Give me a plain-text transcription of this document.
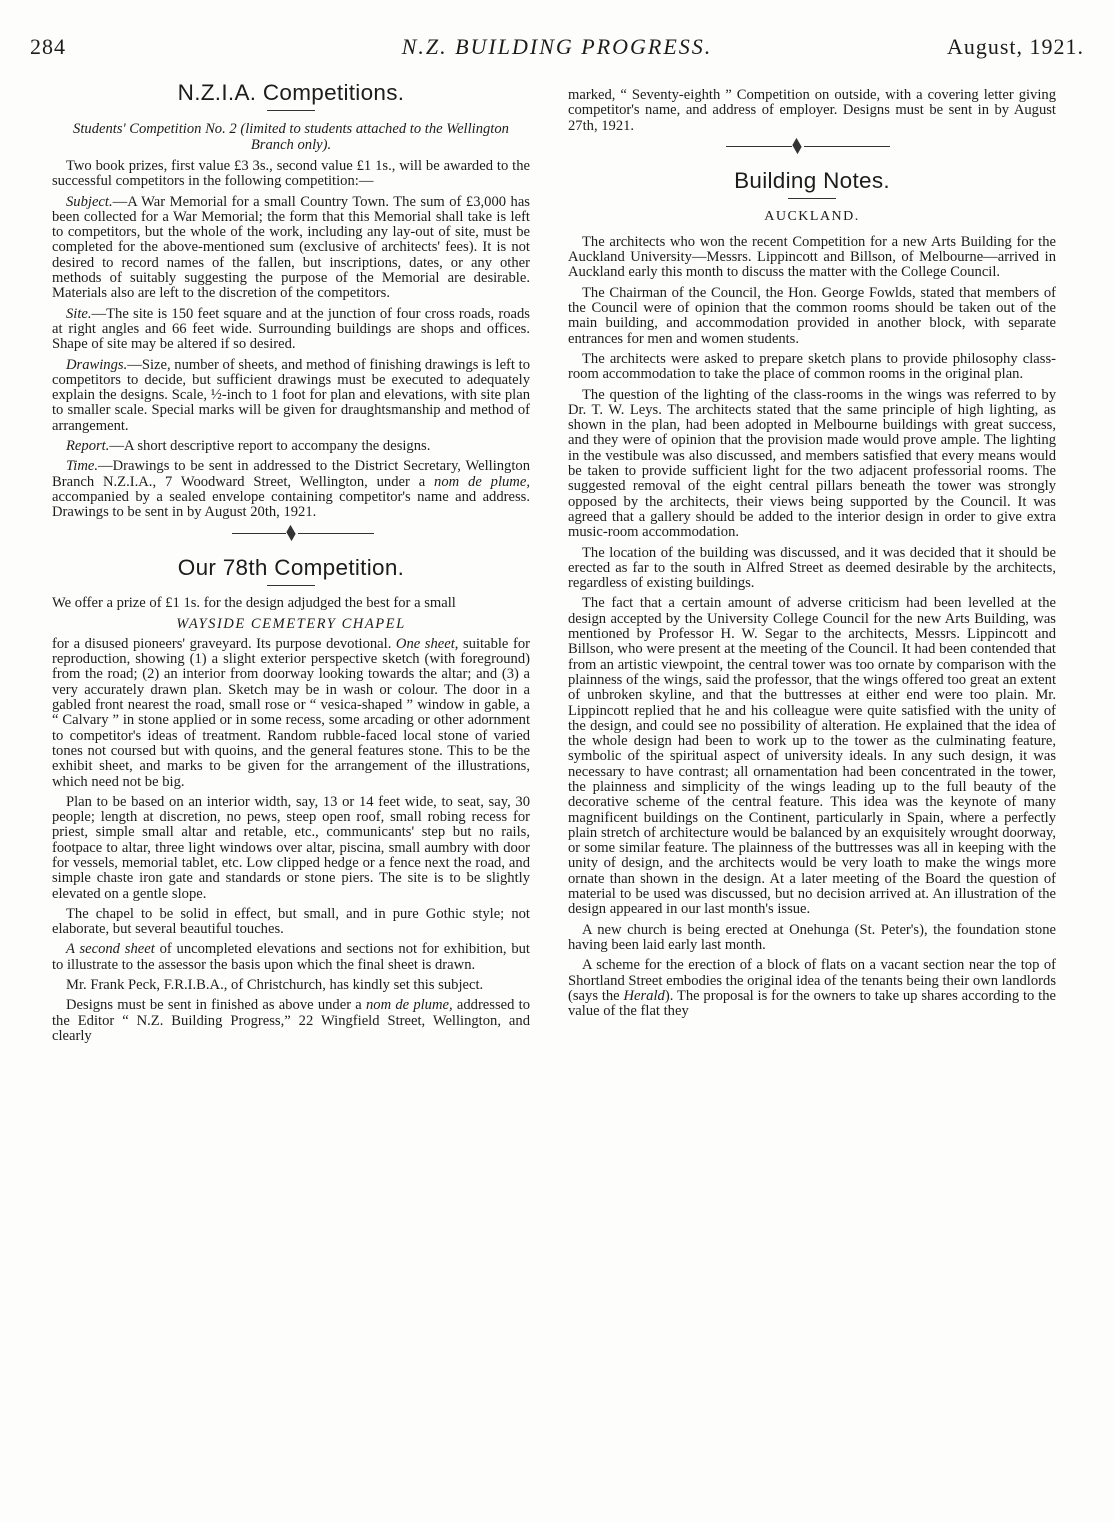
N.Z. BUILDING PROGRESS.
284	August, 1921.
N.Z.I.A. Competitions.
Students' Competition No. 2 (limited to students attached to the Wellington Branch only).

Two book prizes, first value £3 3s., second value £1 1s., will be awarded to the successful competitors in the following competition:—

Subject.—A War Memorial for a small Country Town. The sum of £3,000 has been collected for a War Memorial; the form that this Memorial shall take is left to competitors, but the whole of the work, including any lay-out of site, must be completed for the above-mentioned sum (exclusive of architects' fees). It is not desired to record names of the fallen, but inscriptions, dates, or any other methods of suitably suggesting the purpose of the Memorial are desirable. Materials also are left to the discretion of the competitors.

Site.—The site is 150 feet square and at the junction of four cross roads, roads at right angles and 66 feet wide. Surrounding buildings are shops and offices. Shape of site may be altered if so desired.

Drawings.—Size, number of sheets, and method of finishing drawings is left to competitors to decide, but sufficient drawings must be executed to adequately explain the designs. Scale, ½-inch to 1 foot for plan and elevations, with site plan to smaller scale. Special marks will be given for draughtsmanship and method of arrangement.

Report.—A short descriptive report to accompany the designs.

Time.—Drawings to be sent in addressed to the District Secretary, Wellington Branch N.Z.I.A., 7 Woodward Street, Wellington, under a nom de plume, accompanied by a sealed envelope containing competitor's name and address. Drawings to be sent in by August 20th, 1921.

Our 78th Competition.

We offer a prize of £1 1s. for the design adjudged the best for a small

WAYSIDE CEMETERY CHAPEL

for a disused pioneers' graveyard. Its purpose devotional. One sheet, suitable for reproduction, showing (1) a slight exterior perspective sketch (with foreground) from the road; (2) an interior from doorway looking towards the altar; and (3) a very accurately drawn plan. Sketch may be in wash or colour. The door in a gabled front nearest the road, small rose or “ vesica-shaped ” window in gable, a “ Calvary ” in stone applied or in some recess, some arcading or other adornment to competitor's ideas of treatment. Random rubble-faced local stone of varied tones not coursed but with quoins, and the general features stone. This to be the exhibit sheet, and marks to be given for the arrangement of the illustrations, which need not be big.

Plan to be based on an interior width, say, 13 or 14 feet wide, to seat, say, 30 people; length at discretion, no pews, steep open roof, small robing recess for priest, simple small altar and retable, etc., communicants' step but no rails, footpace to altar, three light windows over altar, piscina, small aumbry with door for vessels, memorial tablet, etc. Low clipped hedge or a fence next the road, and simple chaste iron gate and standards or stone piers. The site is to be slightly elevated on a gentle slope.

The chapel to be solid in effect, but small, and in pure Gothic style; not elaborate, but several beautiful touches.

A second sheet of uncompleted elevations and sections not for exhibition, but to illustrate to the assessor the basis upon which the final sheet is drawn.

Mr. Frank Peck, F.R.I.B.A., of Christchurch, has kindly set this subject.

Designs must be sent in finished as above under a nom de plume, addressed to the Editor “ N.Z. Building Progress,” 22 Wingfield Street, Wellington, and clearly

marked, “ Seventy-eighth ” Competition on outside, with a covering letter giving competitor's name, and address of employer. Designs must be sent in by August 27th, 1921.

Building Notes.
AUCKLAND.

The architects who won the recent Competition for a new Arts Building for the Auckland University—Messrs. Lippincott and Billson, of Melbourne—arrived in Auckland early this month to discuss the matter with the College Council.

The Chairman of the Council, the Hon. George Fowlds, stated that members of the Council were of opinion that the common rooms should be taken out of the main building, and accommodation provided in another block, with separate entrances for men and women students.

The architects were asked to prepare sketch plans to provide philosophy class-room accommodation to take the place of common rooms in the original plan.

The question of the lighting of the class-rooms in the wings was referred to by Dr. T. W. Leys. The architects stated that the same principle of high lighting, as shown in the plan, had been adopted in Melbourne buildings with great success, and they were of opinion that the provision made would prove ample. The lighting in the vestibule was also discussed, and members satisfied that every means would be taken to provide sufficient light for the two adjacent professorial rooms. The suggested removal of the eight central pillars beneath the tower was strongly opposed by the architects, their views being supported by the Council. It was agreed that a gallery should be added to the interior design in order to give extra music-room accommodation.

The location of the building was discussed, and it was decided that it should be erected as far to the south in Alfred Street as deemed desirable by the architects, regardless of existing buildings.

The fact that a certain amount of adverse criticism had been levelled at the design accepted by the University College Council for the new Arts Building, was mentioned by Professor H. W. Segar to the architects, Messrs. Lippincott and Billson, who were present at the meeting of the Council. It had been contended that from an artistic viewpoint, the central tower was too ornate by comparison with the plainness of the wings, said the professor, that the wings offered too great an extent of unbroken skyline, and that the buttresses at either end were too plain. Mr. Lippincott replied that he and his colleague were quite satisfied with the unity of the design, and could see no possibility of alteration. He explained that the idea of the whole design had been to work up to the tower as the culminating feature, symbolic of the spiritual aspect of university ideals. In any such design, it was necessary to have contrast; all ornamentation had been concentrated in the tower, the plainness and simplicity of the wings leading up to the full beauty of the decorative scheme of the central feature. This idea was the keynote of many magnificent buildings on the Continent, particularly in Spain, where a perfectly plain stretch of architecture would be balanced by an exquisitely wrought doorway, or some similar feature. The plainness of the buttresses was all in keeping with the unity of design, and the architects would be very loath to make the wings more ornate than shown in the design. At a later meeting of the Board the question of material to be used was discussed, but no decision arrived at. An illustration of the design appeared in our last month's issue.

A new church is being erected at Onehunga (St. Peter's), the foundation stone having been laid early last month.

A scheme for the erection of a block of flats on a vacant section near the top of Shortland Street embodies the original idea of the tenants being their own landlords (says the Herald). The proposal is for the owners to take up shares according to the value of the flat they
